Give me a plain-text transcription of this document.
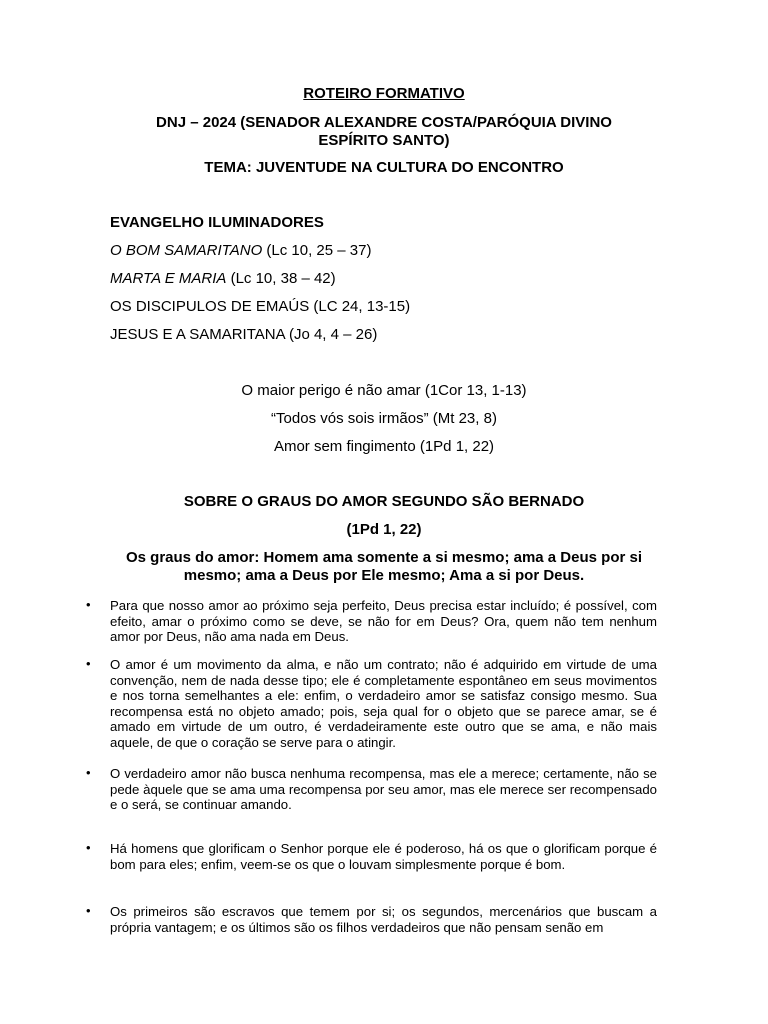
ROTEIRO FORMATIVO
DNJ – 2024 (SENADOR ALEXANDRE COSTA/PARÓQUIA DIVINO ESPÍRITO SANTO)
TEMA: JUVENTUDE NA CULTURA DO ENCONTRO
EVANGELHO ILUMINADORES
O BOM SAMARITANO (Lc 10, 25 – 37)
MARTA E MARIA (Lc 10, 38 – 42)
OS DISCIPULOS DE EMAÚS (LC 24, 13-15)
JESUS E A SAMARITANA (Jo 4, 4 – 26)
O maior perigo é não amar (1Cor 13, 1-13)
“Todos vós sois irmãos” (Mt 23, 8)
Amor sem fingimento (1Pd 1, 22)
SOBRE O GRAUS DO AMOR SEGUNDO SÃO BERNADO
(1Pd 1, 22)
Os graus do amor: Homem ama somente a si mesmo; ama a Deus por si mesmo; ama a Deus por Ele mesmo; Ama a si por Deus.
• Para que nosso amor ao próximo seja perfeito, Deus precisa estar incluído; é possível, com efeito, amar o próximo como se deve, se não for em Deus? Ora, quem não tem nenhum amor por Deus, não ama nada em Deus.
• O amor é um movimento da alma, e não um contrato; não é adquirido em virtude de uma convenção, nem de nada desse tipo; ele é completamente espontâneo em seus movimentos e nos torna semelhantes a ele: enfim, o verdadeiro amor se satisfaz consigo mesmo. Sua recompensa está no objeto amado; pois, seja qual for o objeto que se parece amar, se é amado em virtude de um outro, é verdadeiramente este outro que se ama, e não mais aquele, de que o coração se serve para o atingir.
• O verdadeiro amor não busca nenhuma recompensa, mas ele a merece; certamente, não se pede àquele que se ama uma recompensa por seu amor, mas ele merece ser recompensado e o será, se continuar amando.
• Há homens que glorificam o Senhor porque ele é poderoso, há os que o glorificam porque é bom para eles; enfim, veem-se os que o louvam simplesmente porque é bom.
• Os primeiros são escravos que temem por si; os segundos, mercenários que buscam a própria vantagem; e os últimos são os filhos verdadeiros que não pensam senão em
